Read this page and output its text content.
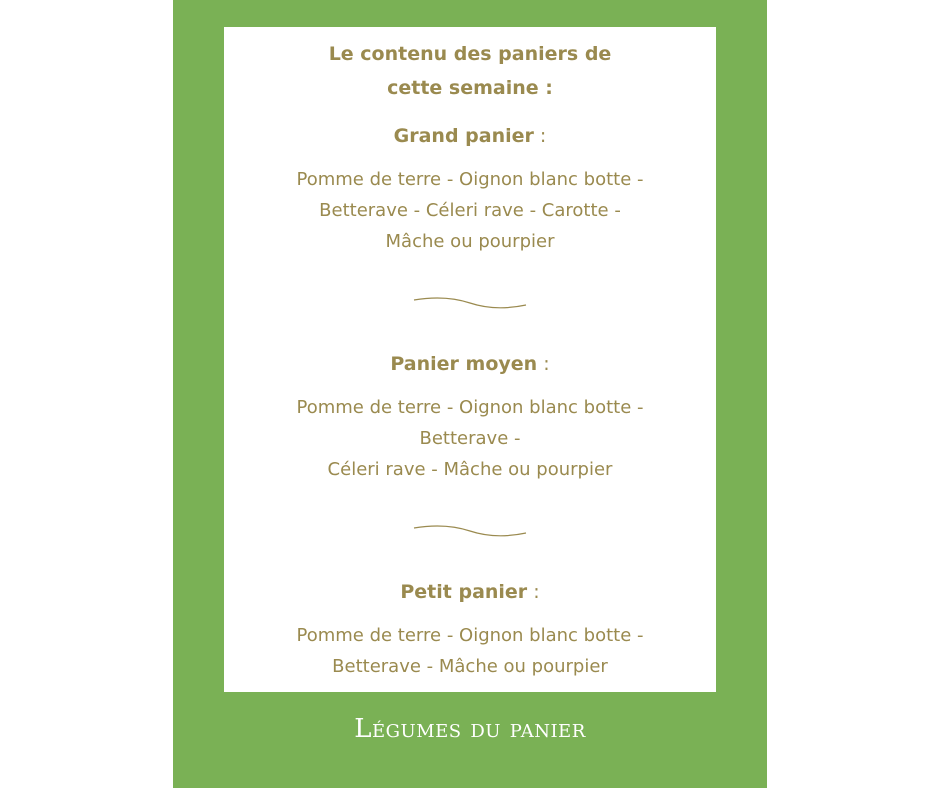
Le contenu des paniers de
cette semaine :
Grand panier :
Pomme de terre - Oignon blanc botte -
Betterave - Céleri rave - Carotte -
Mâche ou pourpier
Panier moyen :
Pomme de terre - Oignon blanc botte -
Betterave -
Céleri rave - Mâche ou pourpier
Petit panier :
Pomme de terre - Oignon blanc botte -
Betterave - Mâche ou pourpier
Légumes du panier
